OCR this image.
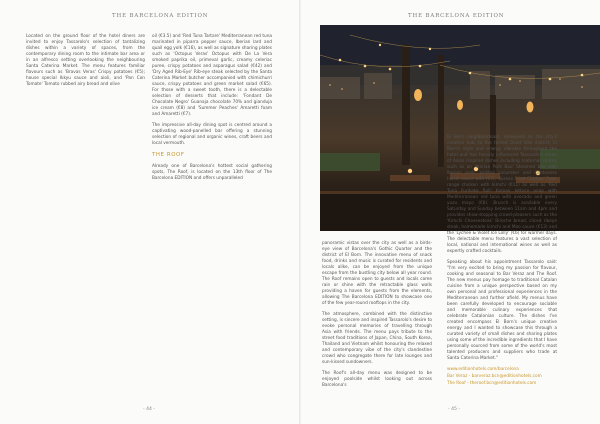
THE BARCELONA EDITION	THE BARCELONA EDITION

Located on the ground floor of the hotel diners are invited to enjoy Tassarolo's selection of tantalizing dishes within a variety of spaces, from the contemporary dining room to the intimate bar area or in an alfresco setting overlooking the neighbouring Santa Caterina Market. The menu features familiar flavours such as 'Bravas Veras' Crispy potatoes (€5); house special Ikkyu sauce and aioli, and 'Pan Con Tomate' Tomato rubbed airy bread and olive

oil (€3.5) and 'Red Tuna Tartare' Mediterranean red tuna marinated in piparra pepper sauce, Iberian lard and quail egg yolk (€16), as well as signature sharing plates such as 'Octopus Veras' Octopus with De La Vera smoked paprika oil, primeval garlic, creamy celeriac puree, crispy potatoes and asparagus salad (€42) and 'Dry Aged Rib-Eye' Rib-eye steak selected by the Santa Caterina Market butcher accompanied with chimichurri sauce, crispy potatoes and green market salad (€65). For those with a sweet tooth, there is a delectable selection of desserts that include: 'Fondant De Chocolate Negro' Guanaja chocolate 70% and gianduja ice cream (€8) and 'Summer Peaches' Amaretti foam and Amaretti (€7).

The impressive all-day dining spot is centred around a captivating wood-panelled bar offering a stunning selection of regional and organic wines, craft beers and local vermouth.

THE ROOF

Already one of Barcelona's hottest social gathering spots, The Roof, is located on the 13th floor of The Barcelona EDITION and offers unparalleled

panoramic vistas over the city as well as a birds-eye view of Barcelona's Gothic Quarter and the district of El Born. The innovative menu of snack food, drinks and music is curated for residents and locals alike, can be enjoyed from the unique escape from the bustling city below all year round. The Roof remains open to guests and locals come rain or shine with the retractable glass walls providing a haven for guests from the elements, allowing The Barcelona EDITION to showcase one of the few year-round rooftops in the city.

The atmosphere, combined with the distinctive setting, is sincere and inspired Tassarolo's desire to evoke personal memories of travelling through Asia with friends. The menu pays tribute to the street food traditions of Japan, China, South Korea, Thailand and Vietnam whilst honouring the relaxed and contemporary vibe of the city's clandestine crowd who congregate there for late lounges and sun-kissed sundowners.

The Roof's all-day menu was designed to be enjoyed poolside whilst looking out across Barcelona's

El Born neighbourhood, renowned as the city's creative hub, to the famed Quiet Ville district, El Born's style and energy vibrates throughout the hotel and has heavily influenced Tassarolo's menu of Asian inspired dishes including maternal snacks such as an 'Iberian Pork Bao' Steamed bao with Iberian pork, pickled cucumber and Cantonese hoisin sauce with (€7), 'Korean Fried Chicken' Free-range chicken with kimchi (€11) as well as 'Red Tuna Furikake Roll' Korean lettuce wrap with Mediterranean red tuna with avocado and green yuzu mayo (€8). Brunch is available every Saturday and Sunday between 11am and 4pm and provides show-stopping crowd-pleasers such as the 'Kimchi Cheesesteak' Brioche bread, sliced ribeye steak, homemade kimchi and Mao sauce (€13) and the 'Lychee & Violet Ice Lolly' (€6) for warmer days. The delectable menu features a vast selection of local, national and international wines as well as expertly crafted cocktails.

Speaking about his appointment Tassarolo said: "I'm very excited to bring my passion for flavour, cooking and seasonal to Bar Veraz and The Roof. The new menus pay homage to traditional Catalan cuisine from a unique perspective based on my own personal and professional experiences in the Mediterranean and further afield. My menus have been carefully developed to encourage sociable and memorable culinary experiences that celebrate Catalonian culture. The dishes I've created encompass El Born's unique creative energy and I wanted to showcase this through a curated variety of small dishes and sharing plates using some of the incredible ingredients that I have personally sourced from some of the world's most talented producers and suppliers who trade at Santa Caterina Market."

www.editionhotels.com/barcelona
Bar Veraz - barveraz.bcn@editionhotels.com
The Roof - theroof.bcn@editionhotels.com
- 44 -	- 45 -
